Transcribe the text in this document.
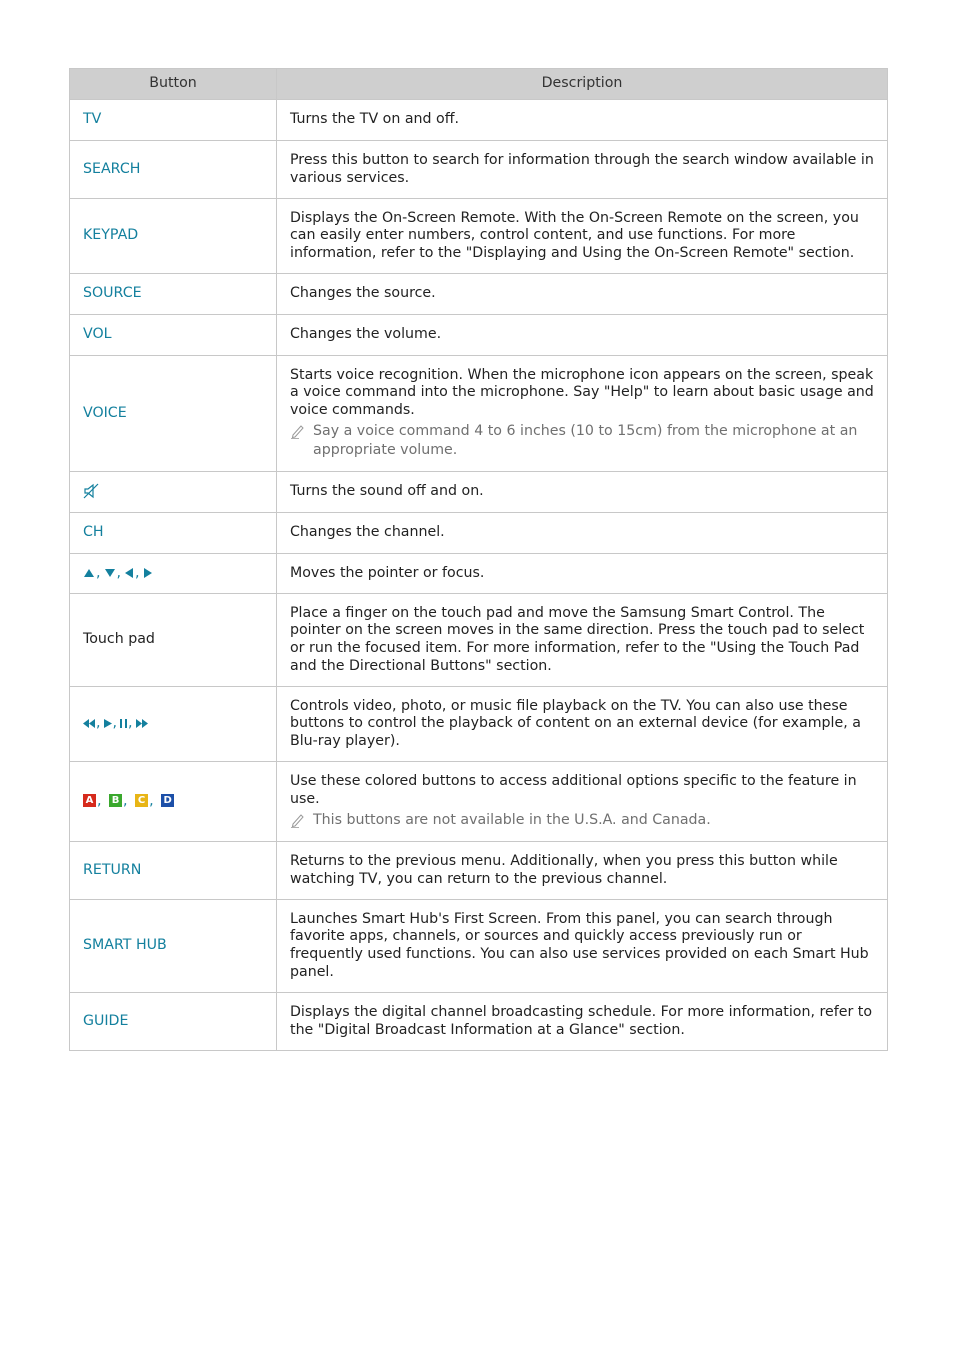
Button	Description
TV	Turns the TV on and off.
SEARCH	Press this button to search for information through the search window available in various services.
KEYPAD	Displays the On-Screen Remote. With the On-Screen Remote on the screen, you can easily enter numbers, control content, and use functions. For more information, refer to the "Displaying and Using the On-Screen Remote" section.
SOURCE	Changes the source.
VOL	Changes the volume.
VOICE	Starts voice recognition. When the microphone icon appears on the screen, speak a voice command into the microphone. Say "Help" to learn about basic usage and voice commands.
Say a voice command 4 to 6 inches (10 to 15cm) from the microphone at an appropriate volume.

	Turns the sound off and on.
CH	Changes the channel.
, , ,	Moves the pointer or focus.
Touch pad	Place a finger on the touch pad and move the Samsung Smart Control. The pointer on the screen moves in the same direction. Press the touch pad to select or run the focused item. For more information, refer to the "Using the Touch Pad and the Directional Buttons" section.
, , ,	Controls video, photo, or music file playback on the TV. You can also use these buttons to control the playback of content on an external device (for example, a Blu-ray player).
A , B , C , D	Use these colored buttons to access additional options specific to the feature in use.
This buttons are not available in the U.S.A. and Canada.

RETURN	Returns to the previous menu. Additionally, when you press this button while watching TV, you can return to the previous channel.
SMART HUB	Launches Smart Hub's First Screen. From this panel, you can search through favorite apps, channels, or sources and quickly access previously run or frequently used functions. You can also use services provided on each Smart Hub panel.
GUIDE	Displays the digital channel broadcasting schedule. For more information, refer to the "Digital Broadcast Information at a Glance" section.
